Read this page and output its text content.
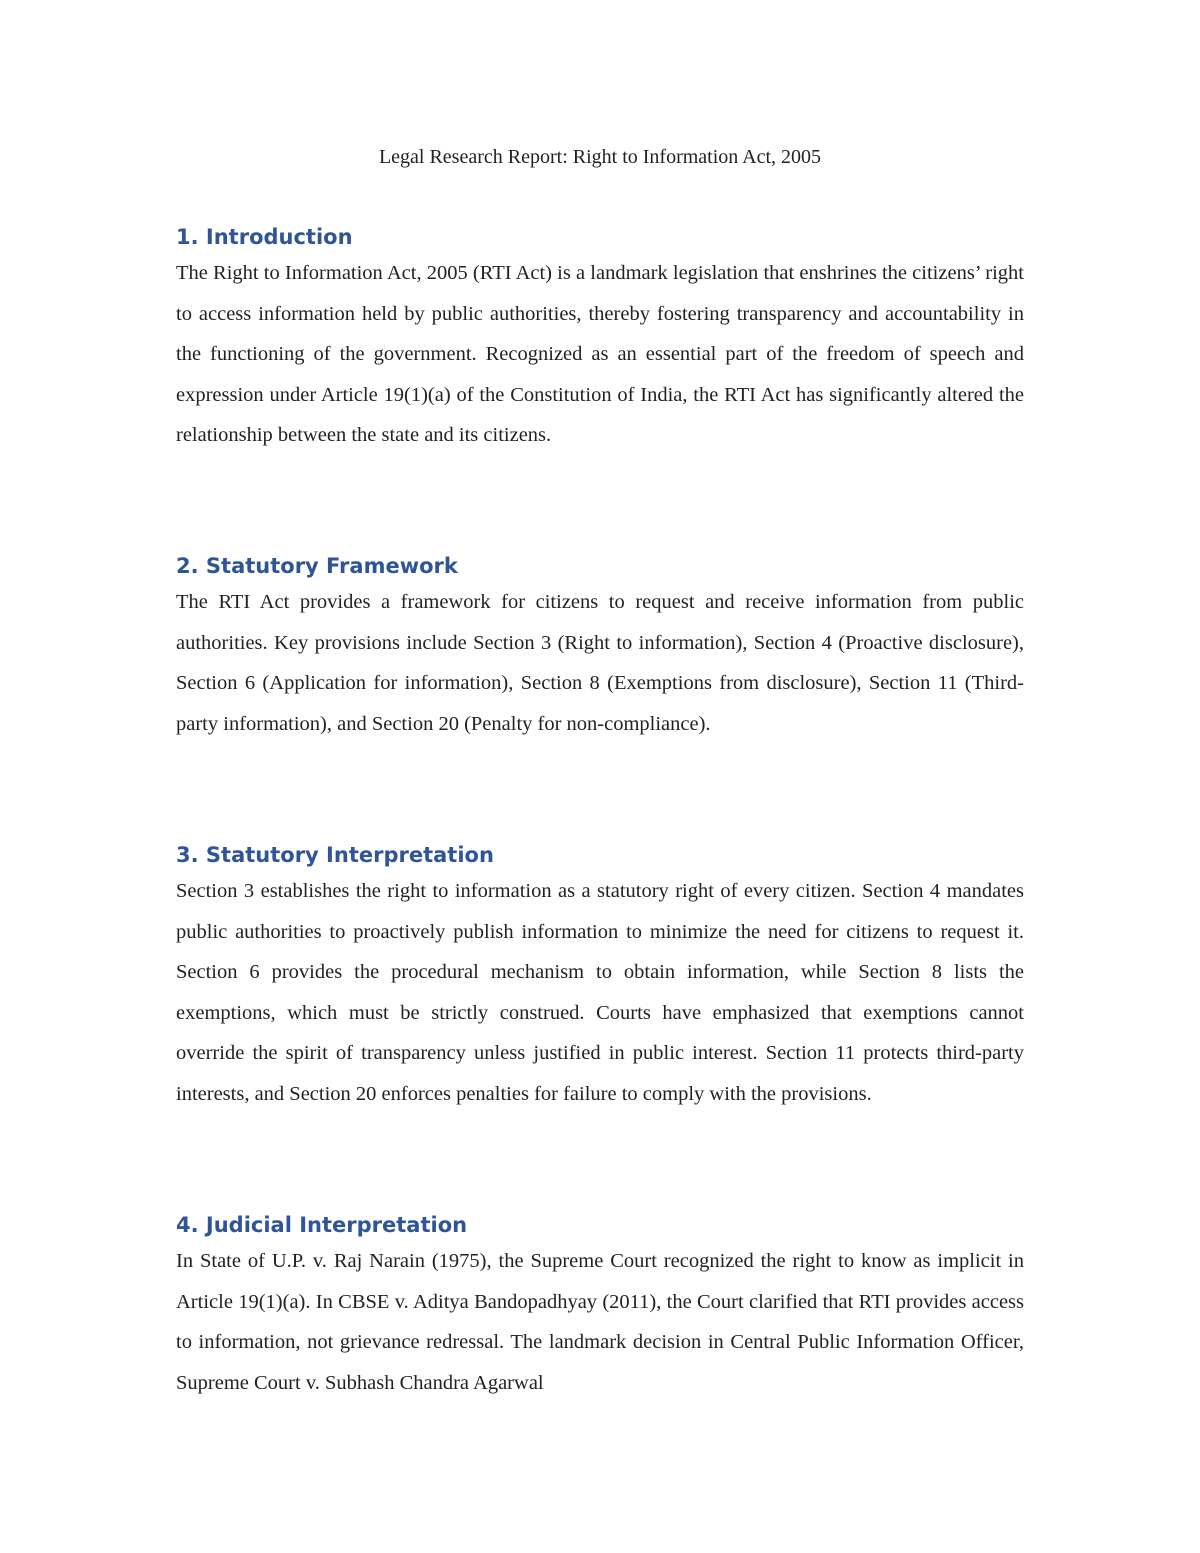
Legal Research Report: Right to Information Act, 2005
1. Introduction

The Right to Information Act, 2005 (RTI Act) is a landmark legislation that enshrines the citizens’ right to access information held by public authorities, thereby fostering transparency and accountability in the functioning of the government. Recognized as an essential part of the freedom of speech and expression under Article 19(1)(a) of the Constitution of India, the RTI Act has significantly altered the relationship between the state and its citizens.

2. Statutory Framework

The RTI Act provides a framework for citizens to request and receive information from public authorities. Key provisions include Section 3 (Right to information), Section 4 (Proactive disclosure), Section 6 (Application for information), Section 8 (Exemptions from disclosure), Section 11 (Third-party information), and Section 20 (Penalty for non-compliance).

3. Statutory Interpretation

Section 3 establishes the right to information as a statutory right of every citizen. Section 4 mandates public authorities to proactively publish information to minimize the need for citizens to request it. Section 6 provides the procedural mechanism to obtain information, while Section 8 lists the exemptions, which must be strictly construed. Courts have emphasized that exemptions cannot override the spirit of transparency unless justified in public interest. Section 11 protects third-party interests, and Section 20 enforces penalties for failure to comply with the provisions.

4. Judicial Interpretation

In State of U.P. v. Raj Narain (1975), the Supreme Court recognized the right to know as implicit in Article 19(1)(a). In CBSE v. Aditya Bandopadhyay (2011), the Court clarified that RTI provides access to information, not grievance redressal. The landmark decision in Central Public Information Officer, Supreme Court v. Subhash Chandra Agarwal
